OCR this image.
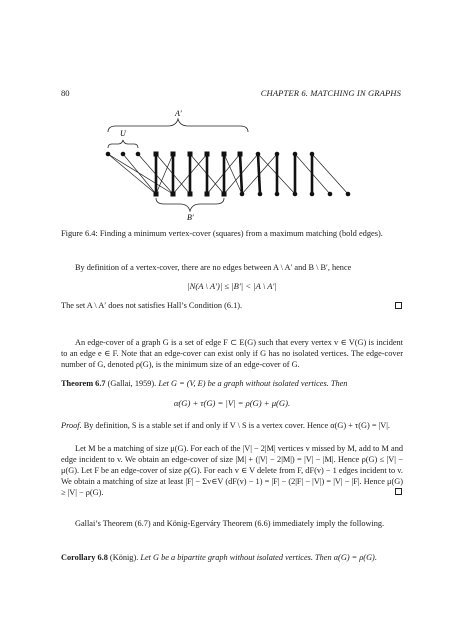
80	CHAPTER 6. MATCHING IN GRAPHS
A′
U
B′
Figure 6.4: Finding a minimum vertex-cover (squares) from a maximum matching (bold edges).
By definition of a vertex-cover, there are no edges between A \ A′ and B \ B′, hence
|N(A \ A′)| ≤ |B′| < |A \ A′|
The set A \ A′ does not satisfies Hall’s Condition (6.1).
An edge-cover of a graph G is a set of edge F ⊂ E(G) such that every vertex v ∈ V(G) is incident to an edge e ∈ F. Note that an edge-cover can exist only if G has no isolated vertices. The edge-cover number of G, denoted ρ(G), is the minimum size of an edge-cover of G.
Theorem 6.7 (Gallai, 1959). Let G = (V, E) be a graph without isolated vertices. Then
α(G) + τ(G) = |V| = ρ(G) + μ(G).
Proof. By definition, S is a stable set if and only if V \ S is a vertex cover. Hence α(G) + τ(G) = |V|.
Let M be a matching of size μ(G). For each of the |V| − 2|M| vertices v missed by M, add to M and edge incident to v. We obtain an edge-cover of size |M| + (|V| − 2|M|) = |V| − |M|. Hence ρ(G) ≤ |V| − μ(G). Let F be an edge-cover of size ρ(G). For each v ∈ V delete from F, dF(v) − 1 edges incident to v. We obtain a matching of size at least |F| − Σv∈V (dF(v) − 1) = |F| − (2|F| − |V|) = |V| − |F|. Hence μ(G) ≥ |V| − ρ(G).
Gallai’s Theorem (6.7) and König-Egerváry Theorem (6.6) immediately imply the following.
Corollary 6.8 (König). Let G be a bipartite graph without isolated vertices. Then α(G) = ρ(G).
